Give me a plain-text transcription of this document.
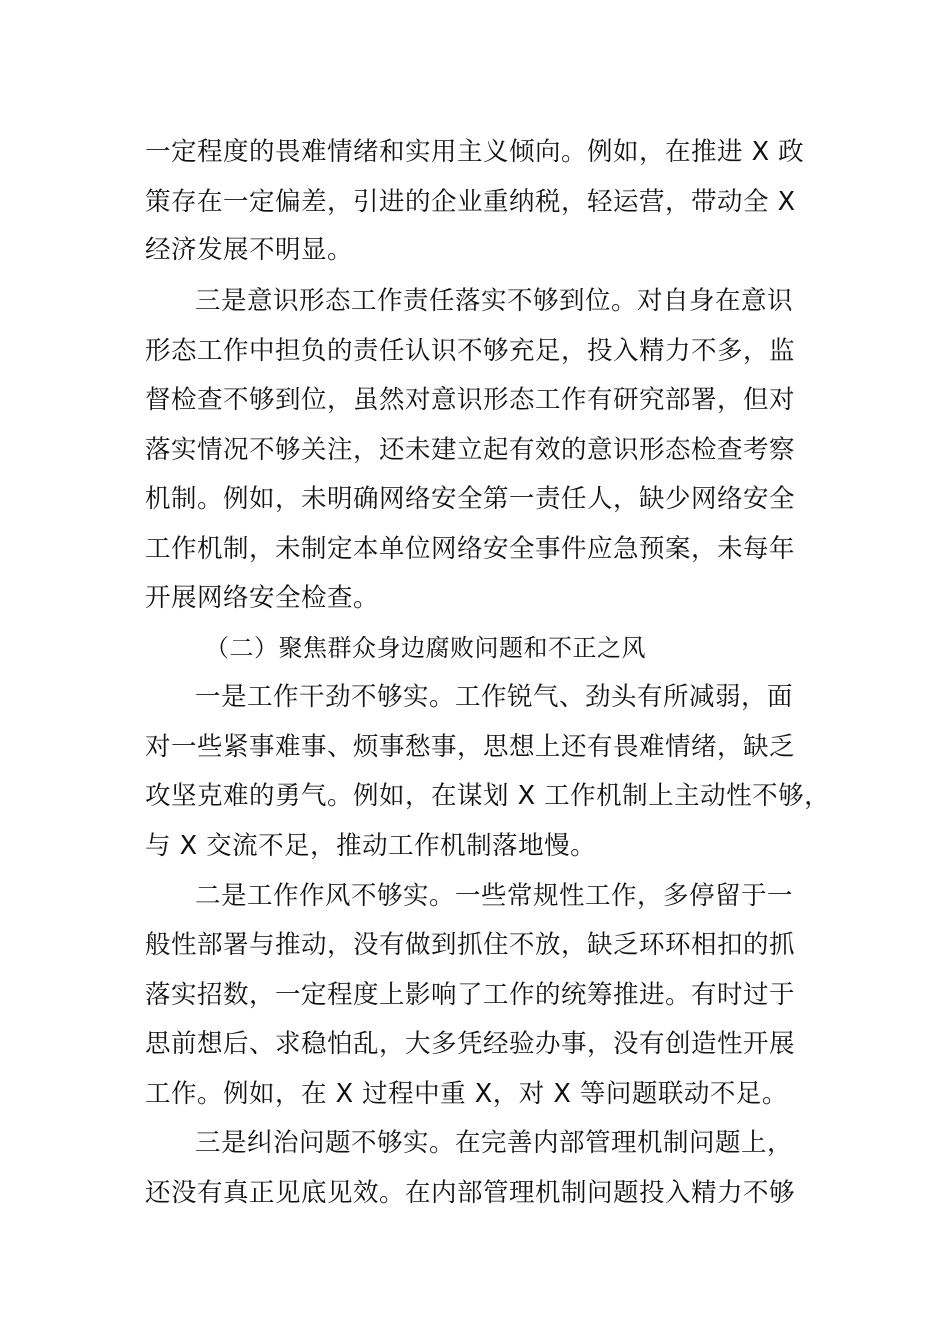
一定程度的畏难情绪和实用主义倾向。例如，在推进 X 政
策存在一定偏差，引进的企业重纳税，轻运营，带动全 X
经济发展不明显。
三是意识形态工作责任落实不够到位。对自身在意识
形态工作中担负的责任认识不够充足，投入精力不多，监
督检查不够到位，虽然对意识形态工作有研究部署，但对
落实情况不够关注，还未建立起有效的意识形态检查考察
机制。例如，未明确网络安全第一责任人，缺少网络安全
工作机制，未制定本单位网络安全事件应急预案，未每年
开展网络安全检查。
（二）聚焦群众身边腐败问题和不正之风
一是工作干劲不够实。工作锐气、劲头有所减弱，面
对一些紧事难事、烦事愁事，思想上还有畏难情绪，缺乏
攻坚克难的勇气。例如，在谋划 X 工作机制上主动性不够，
与 X 交流不足，推动工作机制落地慢。
二是工作作风不够实。一些常规性工作，多停留于一
般性部署与推动，没有做到抓住不放，缺乏环环相扣的抓
落实招数，一定程度上影响了工作的统筹推进。有时过于
思前想后、求稳怕乱，大多凭经验办事，没有创造性开展
工作。例如，在 X 过程中重 X，对 X 等问题联动不足。
三是纠治问题不够实。在完善内部管理机制问题上，
还没有真正见底见效。在内部管理机制问题投入精力不够
